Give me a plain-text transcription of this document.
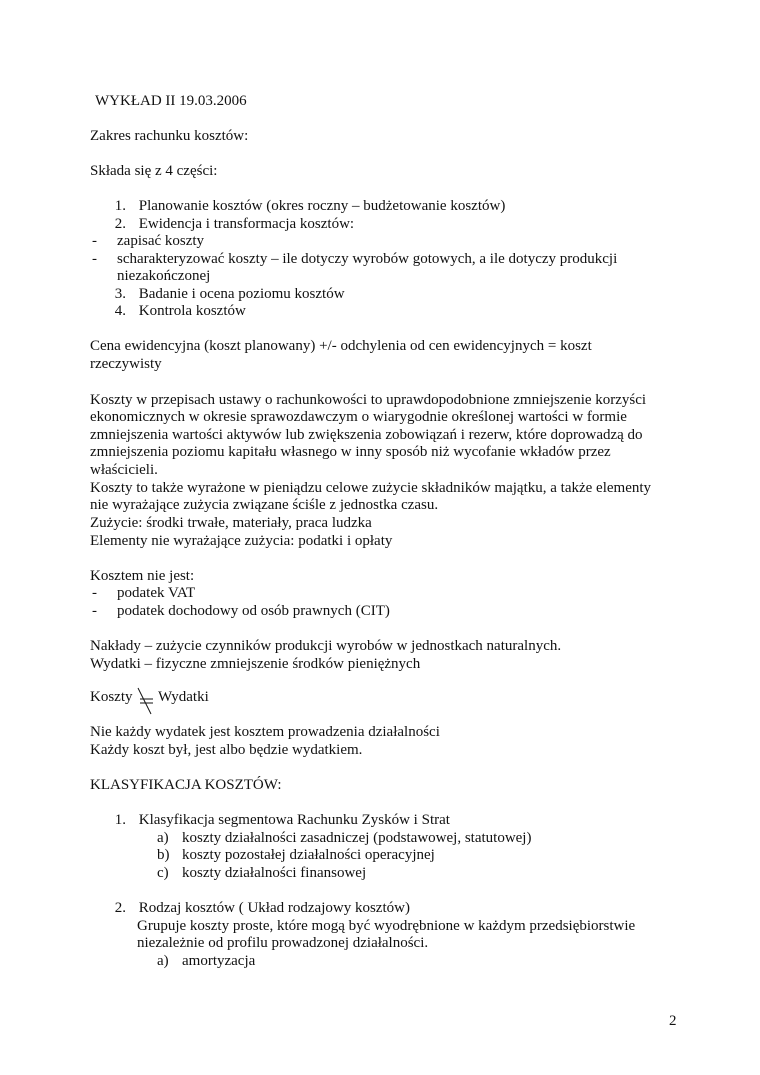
WYKŁAD II 19.03.2006
Zakres rachunku kosztów:
Składa się z 4 części:
1. Planowanie kosztów (okres roczny – budżetowanie kosztów)
2. Ewidencja i transformacja kosztów:
- zapisać koszty
- scharakteryzować koszty – ile dotyczy wyrobów gotowych, a ile dotyczy produkcji
niezakończonej
3. Badanie i ocena poziomu kosztów
4. Kontrola kosztów
Cena ewidencyjna (koszt planowany) +/- odchylenia od cen ewidencyjnych = koszt
rzeczywisty
Koszty w przepisach ustawy o rachunkowości to uprawdopodobnione zmniejszenie korzyści
ekonomicznych w okresie sprawozdawczym o wiarygodnie określonej wartości w formie
zmniejszenia wartości aktywów lub zwiększenia zobowiązań i rezerw, które doprowadzą do
zmniejszenia poziomu kapitału własnego w inny sposób niż wycofanie wkładów przez
właścicieli.
Koszty to także wyrażone w pieniądzu celowe zużycie składników majątku, a także elementy
nie wyrażające zużycia związane ściśle z jednostka czasu.
Zużycie: środki trwałe, materiały, praca ludzka
Elementy nie wyrażające zużycia: podatki i opłaty
Kosztem nie jest:
- podatek VAT
- podatek dochodowy od osób prawnych (CIT)
Nakłady – zużycie czynników produkcji wyrobów w jednostkach naturalnych.
Wydatki – fizyczne zmniejszenie środków pieniężnych
Koszty Wydatki
Nie każdy wydatek jest kosztem prowadzenia działalności
Każdy koszt był, jest albo będzie wydatkiem.
KLASYFIKACJA KOSZTÓW:
1. Klasyfikacja segmentowa Rachunku Zysków i Strat
a) koszty działalności zasadniczej (podstawowej, statutowej)
b) koszty pozostałej działalności operacyjnej
c) koszty działalności finansowej
2. Rodzaj kosztów ( Układ rodzajowy kosztów)
Grupuje koszty proste, które mogą być wyodrębnione w każdym przedsiębiorstwie
niezależnie od profilu prowadzonej działalności.
a) amortyzacja
2
